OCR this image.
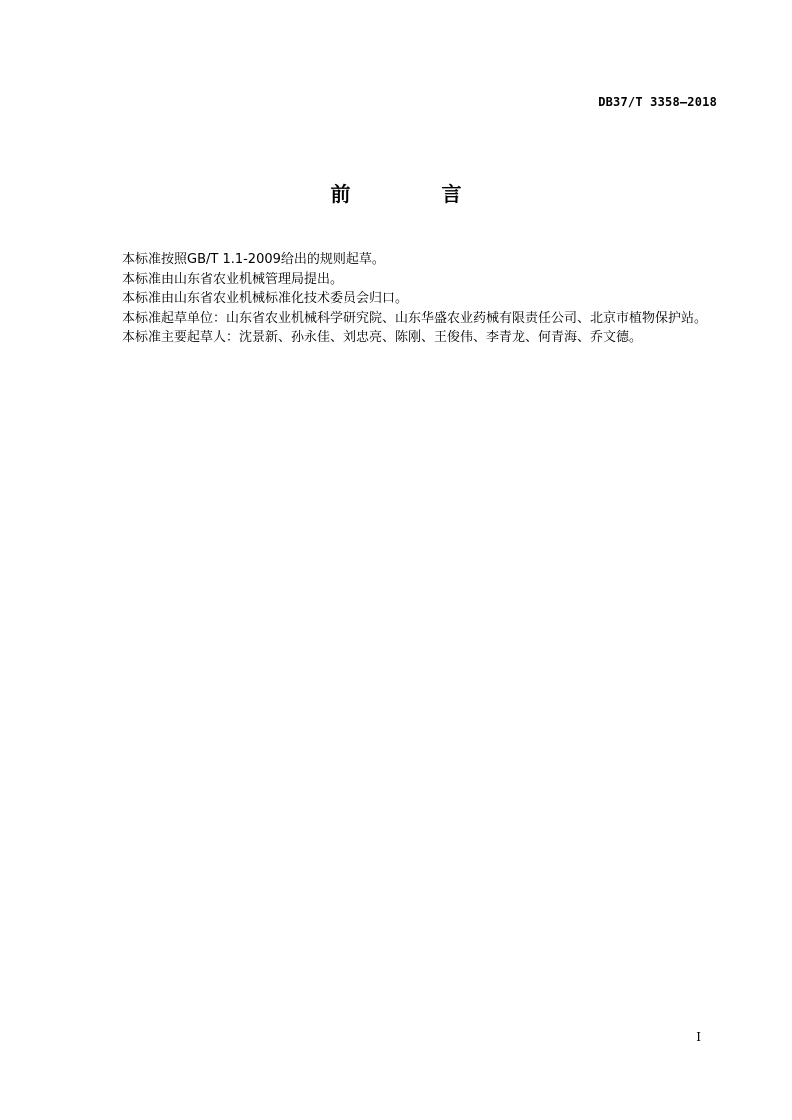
DB37/T 3358—2018
前 言

本标准按照GB/T 1.1-2009给出的规则起草。

本标准由山东省农业机械管理局提出。

本标准由山东省农业机械标准化技术委员会归口。

本标准起草单位：山东省农业机械科学研究院、山东华盛农业药械有限责任公司、北京市植物保护站。

本标准主要起草人：沈景新、孙永佳、刘忠亮、陈刚、王俊伟、李青龙、何青海、乔文德。

I
